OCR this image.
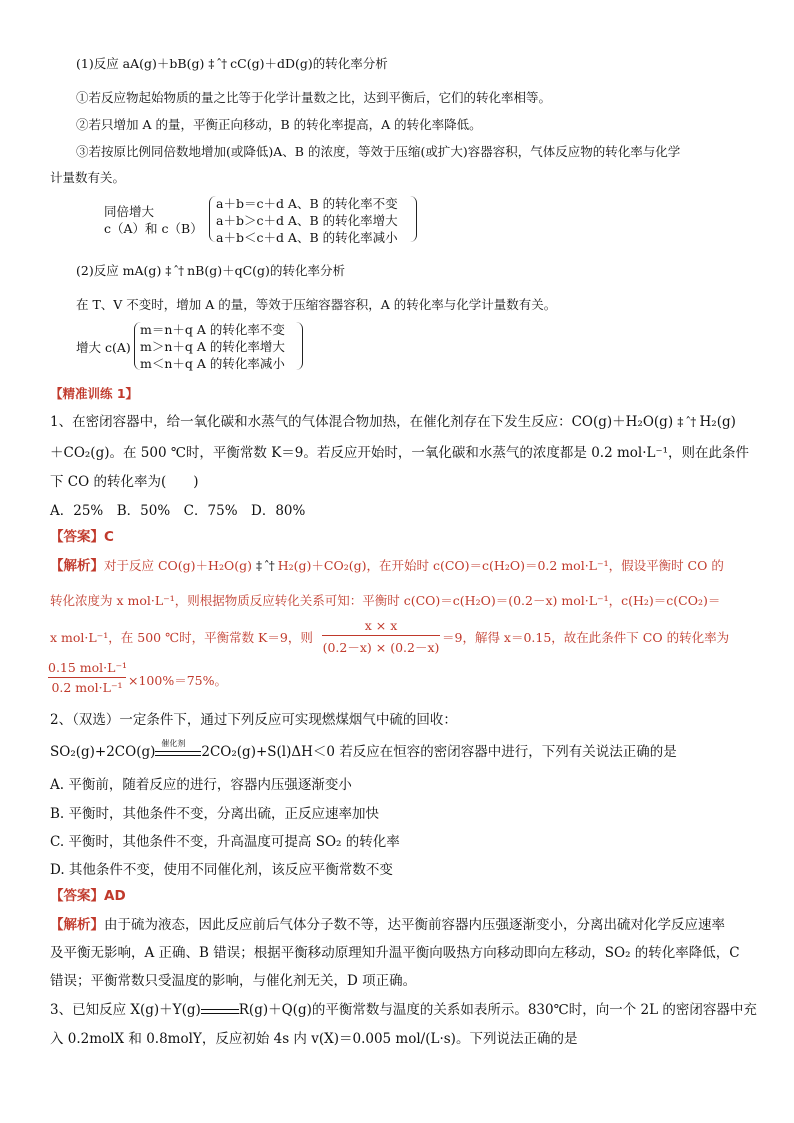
(1)反应 aA(g)＋bB(g) ‡ ˆ† cC(g)＋dD(g)的转化率分析
①若反应物起始物质的量之比等于化学计量数之比，达到平衡后，它们的转化率相等。
②若只增加 A 的量，平衡正向移动，B 的转化率提高，A 的转化率降低。
③若按原比例同倍数地增加(或降低)A、B 的浓度，等效于压缩(或扩大)容器容积，气体反应物的转化率与化学
计量数有关。
同倍增大
c（A）和 c（B）
a＋b＝c＋d A、B 的转化率不变
a＋b＞c＋d A、B 的转化率增大
a＋b＜c＋d A、B 的转化率减小
(2)反应 mA(g) ‡ ˆ† nB(g)＋qC(g)的转化率分析
在 T、V 不变时，增加 A 的量，等效于压缩容器容积，A 的转化率与化学计量数有关。
增大 c(A)
m＝n＋q A 的转化率不变
m＞n＋q A 的转化率增大
m＜n＋q A 的转化率减小
【精准训练 1】
1、在密闭容器中，给一氧化碳和水蒸气的气体混合物加热，在催化剂存在下发生反应：CO(g)＋H₂O(g) ‡ ˆ† H₂(g)
＋CO₂(g)。在 500 ℃时，平衡常数 K＝9。若反应开始时，一氧化碳和水蒸气的浓度都是 0.2 mol·L⁻¹，则在此条件
下 CO 的转化率为(　　)
A．25%　B．50%　C．75%　D．80%
【答案】C
【解析】对于反应 CO(g)＋H₂O(g) ‡ ˆ† H₂(g)＋CO₂(g)，在开始时 c(CO)＝c(H₂O)＝0.2 mol·L⁻¹，假设平衡时 CO 的
转化浓度为 x mol·L⁻¹，则根据物质反应转化关系可知：平衡时 c(CO)＝c(H₂O)＝(0.2－x) mol·L⁻¹，c(H₂)＝c(CO₂)＝
x mol·L⁻¹，在 500 ℃时，平衡常数 K＝9，则
x × x
(0.2－x) × (0.2－x)
＝9，解得 x＝0.15，故在此条件下 CO 的转化率为
0.15 mol·L⁻¹
0.2 mol·L⁻¹ ×100%＝75%。
2、（双选）一定条件下，通过下列反应可实现燃煤烟气中硫的回收：
SO₂(g)+2CO(g)
催化剂
2CO₂(g)+S(l)ΔH＜0 若反应在恒容的密闭容器中进行，下列有关说法正确的是
A. 平衡前，随着反应的进行，容器内压强逐渐变小
B. 平衡时，其他条件不变，分离出硫，正反应速率加快
C. 平衡时，其他条件不变，升高温度可提高 SO₂ 的转化率
D. 其他条件不变，使用不同催化剂，该反应平衡常数不变
【答案】AD
【解析】由于硫为液态，因此反应前后气体分子数不等，达平衡前容器内压强逐渐变小，分离出硫对化学反应速率
及平衡无影响，A 正确、B 错误；根据平衡移动原理知升温平衡向吸热方向移动即向左移动，SO₂ 的转化率降低，C
错误；平衡常数只受温度的影响，与催化剂无关，D 项正确。
3、已知反应 X(g)＋Y(g)	R(g)＋Q(g)的平衡常数与温度的关系如表所示。830℃时，向一个 2L 的密闭容器中充
入 0.2molX 和 0.8molY，反应初始 4s 内 v(X)＝0.005 mol/(L·s)。下列说法正确的是
